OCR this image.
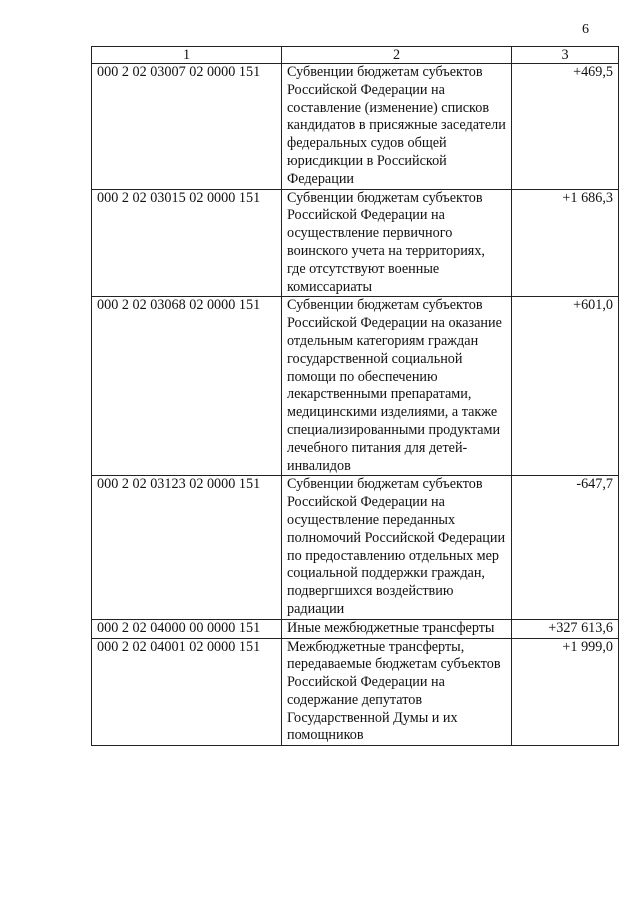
6
1	2	3
000 2 02 03007 02 0000 151	Субвенции бюджетам субъектов Российской Федерации на составление (изменение) списков кандидатов в присяжные заседатели федеральных судов общей юрисдикции в Российской Федерации	+469,5
000 2 02 03015 02 0000 151	Субвенции бюджетам субъектов Российской Федерации на осуществление первичного воинского учета на территориях, где отсутствуют военные комиссариаты	+1 686,3
000 2 02 03068 02 0000 151	Субвенции бюджетам субъектов Российской Федерации на оказание отдельным категориям граждан государственной социальной помощи по обеспечению лекарственными препаратами, медицинскими изделиями, а также специализированными продуктами лечебного питания для детей-инвалидов	+601,0
000 2 02 03123 02 0000 151	Субвенции бюджетам субъектов Российской Федерации на осуществление переданных полномочий Российской Федерации по предоставлению отдельных мер социальной поддержки граждан, подвергшихся воздействию радиации	-647,7
000 2 02 04000 00 0000 151	Иные межбюджетные трансферты	+327 613,6
000 2 02 04001 02 0000 151	Межбюджетные трансферты, передаваемые бюджетам субъектов Российской Федерации на содержание депутатов Государственной Думы и их помощников	+1 999,0
